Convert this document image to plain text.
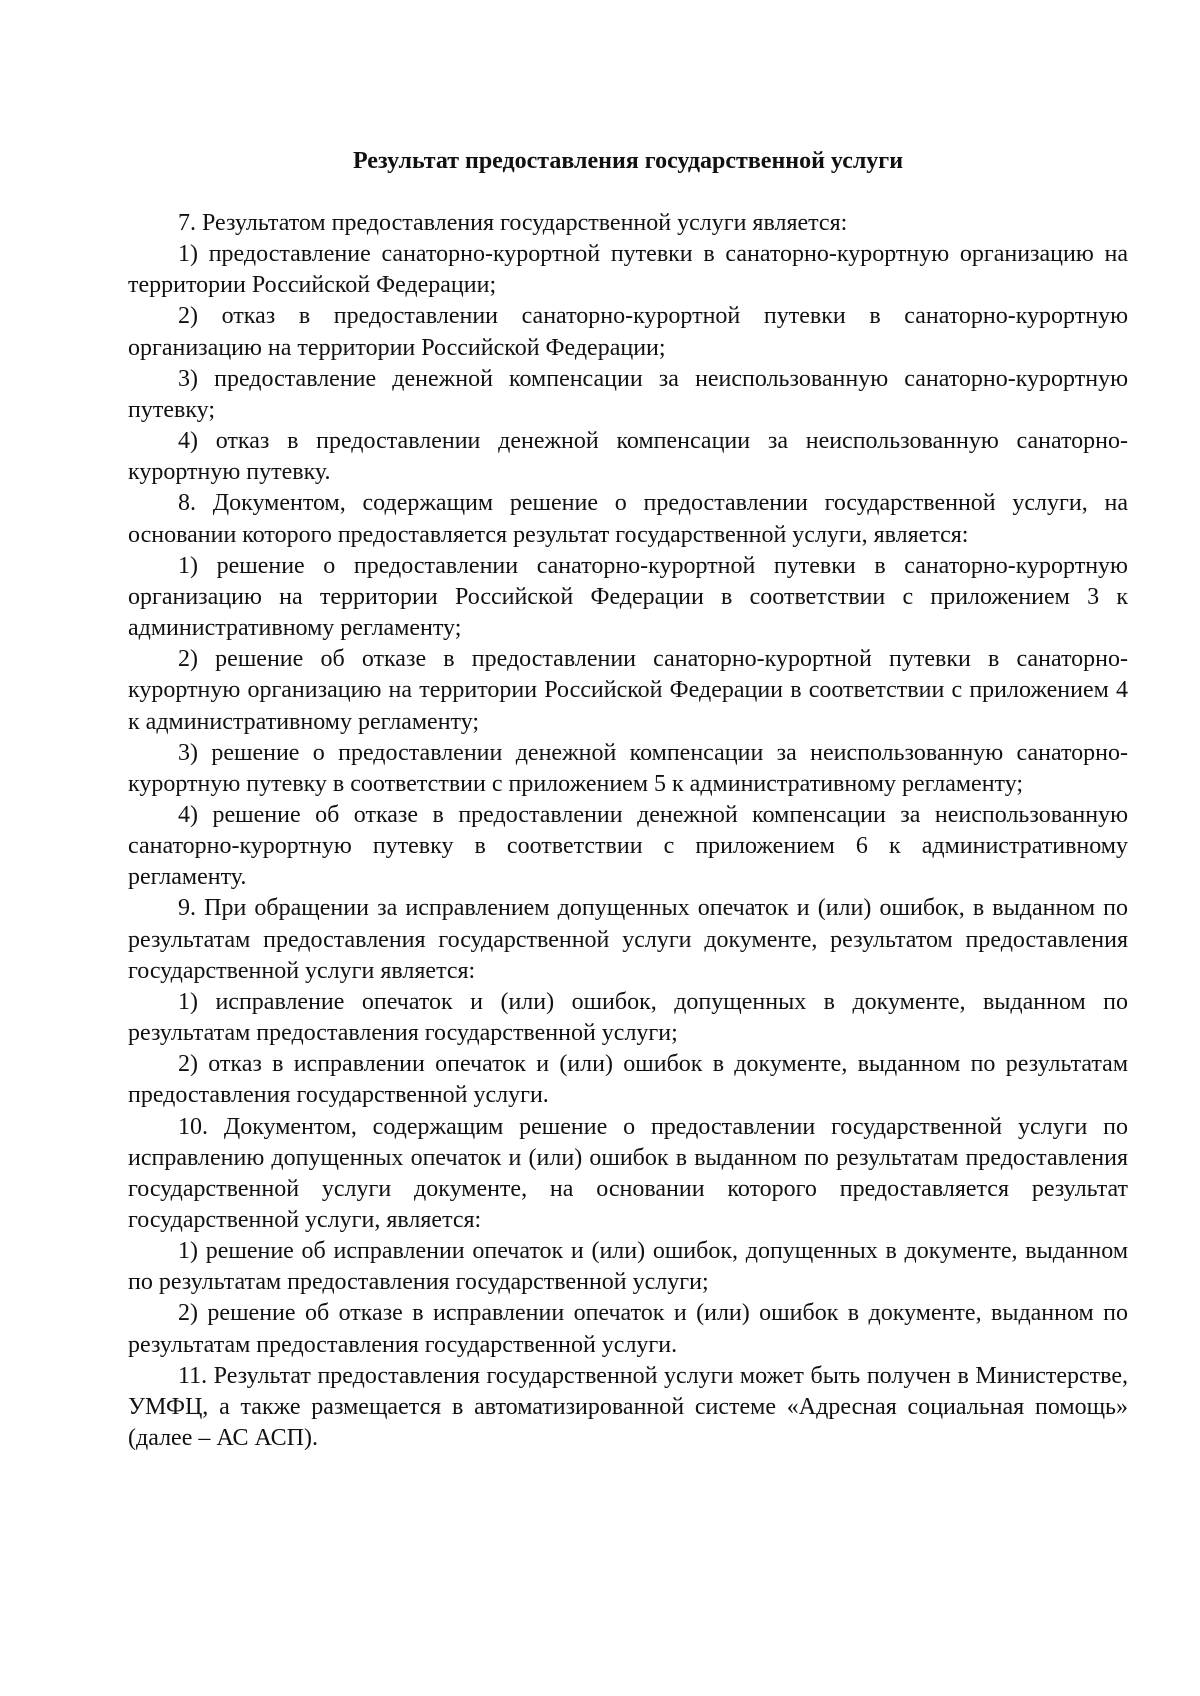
Результат предоставления государственной услуги

7. Результатом предоставления государственной услуги является:

1) предоставление санаторно-курортной путевки в санаторно-курортную организацию на территории Российской Федерации;

2) отказ в предоставлении санаторно-курортной путевки в санаторно-курортную организацию на территории Российской Федерации;

3) предоставление денежной компенсации за неиспользованную санаторно-курортную путевку;

4) отказ в предоставлении денежной компенсации за неиспользованную санаторно-курортную путевку.

8. Документом, содержащим решение о предоставлении государственной услуги, на основании которого предоставляется результат государственной услуги, является:

1) решение о предоставлении санаторно-курортной путевки в санаторно-курортную организацию на территории Российской Федерации в соответствии с приложением 3 к административному регламенту;

2) решение об отказе в предоставлении санаторно-курортной путевки в санаторно-курортную организацию на территории Российской Федерации в соответствии с приложением 4 к административному регламенту;

3) решение о предоставлении денежной компенсации за неиспользованную санаторно-курортную путевку в соответствии с приложением 5 к административному регламенту;

4) решение об отказе в предоставлении денежной компенсации за неиспользованную санаторно-курортную путевку в соответствии с приложением 6 к административному регламенту.

9. При обращении за исправлением допущенных опечаток и (или) ошибок, в выданном по результатам предоставления государственной услуги документе, результатом предоставления государственной услуги является:

1) исправление опечаток и (или) ошибок, допущенных в документе, выданном по результатам предоставления государственной услуги;

2) отказ в исправлении опечаток и (или) ошибок в документе, выданном по результатам предоставления государственной услуги.

10. Документом, содержащим решение о предоставлении государственной услуги по исправлению допущенных опечаток и (или) ошибок в выданном по результатам предоставления государственной услуги документе, на основании которого предоставляется результат государственной услуги, является:

1) решение об исправлении опечаток и (или) ошибок, допущенных в документе, выданном по результатам предоставления государственной услуги;

2) решение об отказе в исправлении опечаток и (или) ошибок в документе, выданном по результатам предоставления государственной услуги.

11. Результат предоставления государственной услуги может быть получен в Министерстве, УМФЦ, а также размещается в автоматизированной системе «Адресная социальная помощь» (далее – АС АСП).
